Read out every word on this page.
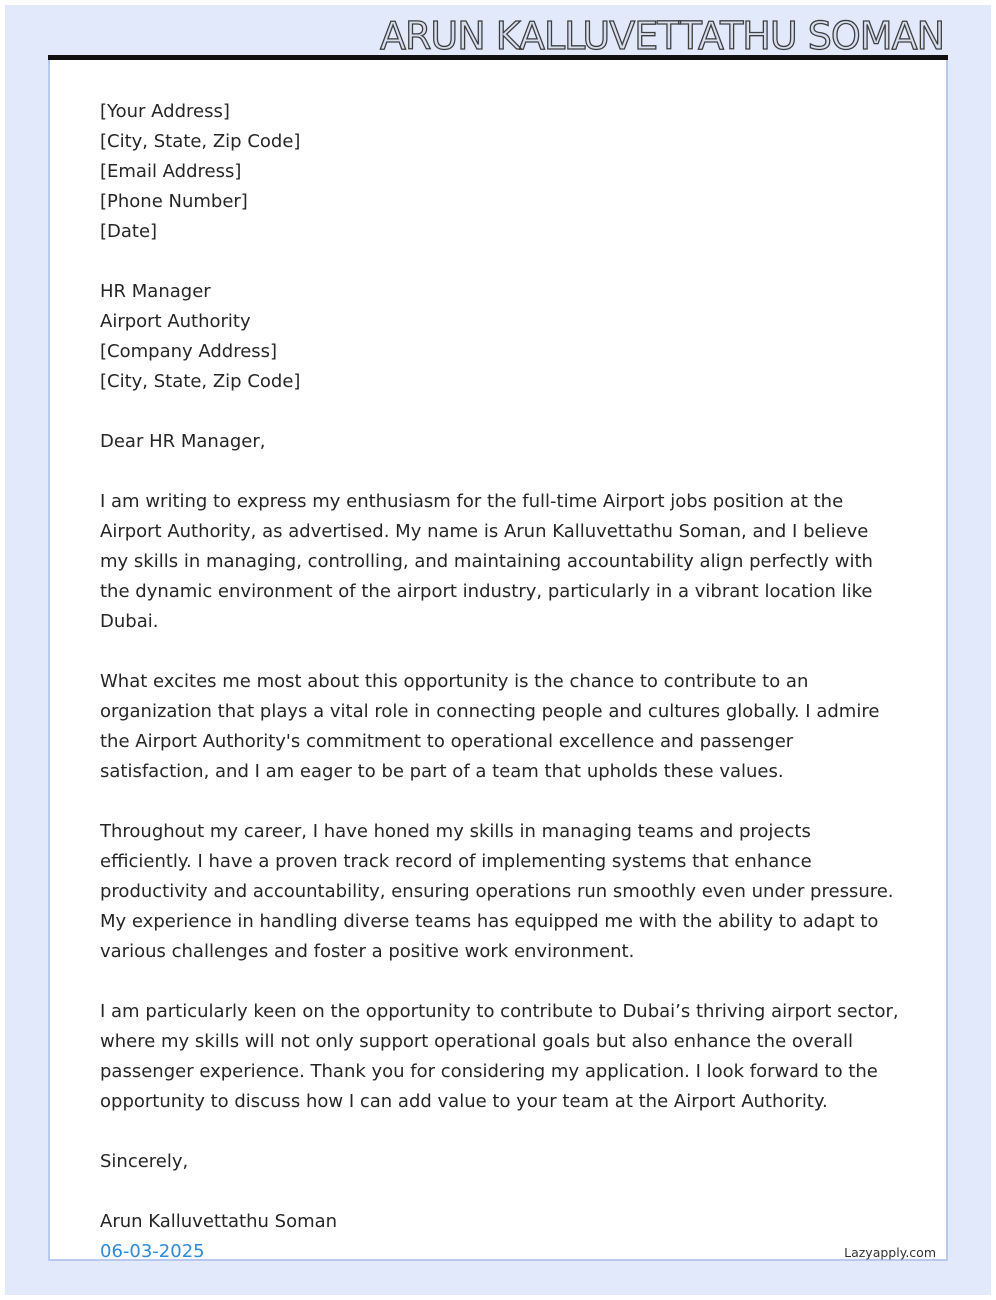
ARUN KALLUVETTATHU SOMAN

[Your Address]

[City, State, Zip Code]

[Email Address]

[Phone Number]

[Date]

HR Manager

Airport Authority

[Company Address]

[City, State, Zip Code]

Dear HR Manager,

I am writing to express my enthusiasm for the full-time Airport jobs position at the Airport Authority, as advertised. My name is Arun Kalluvettathu Soman, and I believe my skills in managing, controlling, and maintaining accountability align perfectly with the dynamic environment of the airport industry, particularly in a vibrant location like Dubai.

What excites me most about this opportunity is the chance to contribute to an organization that plays a vital role in connecting people and cultures globally. I admire the Airport Authority's commitment to operational excellence and passenger satisfaction, and I am eager to be part of a team that upholds these values.

Throughout my career, I have honed my skills in managing teams and projects efficiently. I have a proven track record of implementing systems that enhance productivity and accountability, ensuring operations run smoothly even under pressure. My experience in handling diverse teams has equipped me with the ability to adapt to various challenges and foster a positive work environment.

I am particularly keen on the opportunity to contribute to Dubai’s thriving airport sector, where my skills will not only support operational goals but also enhance the overall passenger experience. Thank you for considering my application. I look forward to the opportunity to discuss how I can add value to your team at the Airport Authority.

Sincerely,

Arun Kalluvettathu Soman

06-03-2025	Lazyapply.com
